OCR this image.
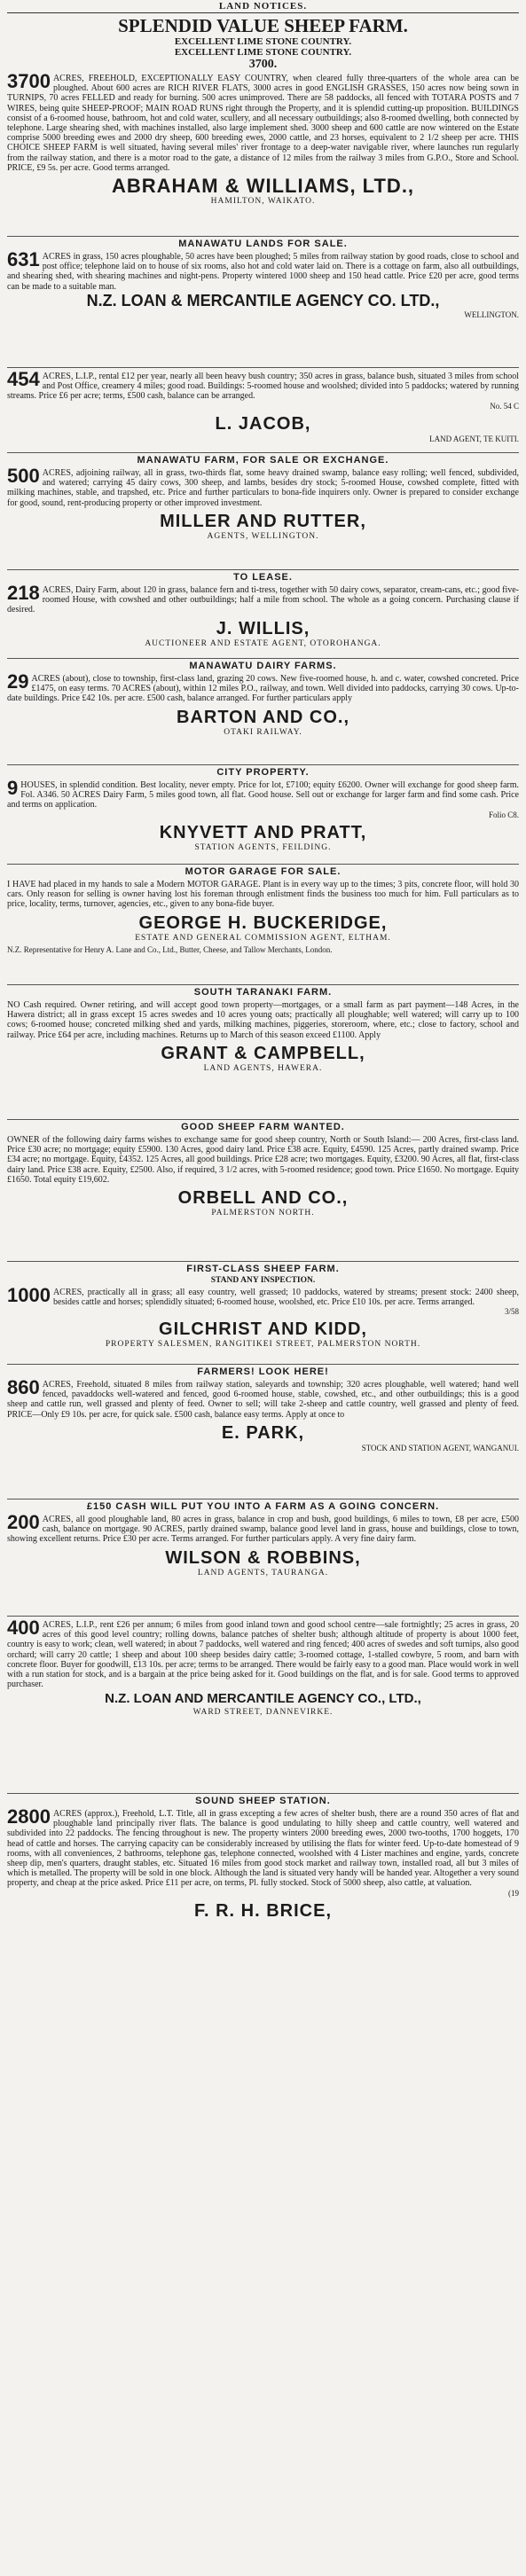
LAND NOTICES.
SPLENDID VALUE SHEEP FARM.
EXCELLENT LIME STONE COUNTRY.
EXCELLENT LIME STONE COUNTRY.
3700.
3700 ACRES, FREEHOLD, EXCEPTIONALLY EASY COUNTRY, when cleared fully three-quarters of the whole area can be ploughed. About 600 acres are RICH RIVER FLATS, 3000 acres in good ENGLISH GRASSES, 150 acres now being sown in TURNIPS, 70 acres FELLED and ready for burning. 500 acres unimproved. There are 58 paddocks, all fenced with TOTARA POSTS and 7 WIRES, being quite SHEEP-PROOF; MAIN ROAD RUNS right through the Property, and it is splendid cutting-up proposition. BUILDINGS consist of a 6-roomed house, bathroom, hot and cold water, scullery, and all necessary outbuildings; also 8-roomed dwelling, both connected by telephone. Large shearing shed, with machines installed, also large implement shed. 3000 sheep and 600 cattle are now wintered on the Estate comprise 5000 breeding ewes and 2000 dry sheep, 600 breeding ewes, 2000 cattle, and 23 horses, equivalent to 2 1/2 sheep per acre. THIS CHOICE SHEEP FARM is well situated, having several miles' river frontage to a deep-water navigable river, where launches run regularly from the railway station, and there is a motor road to the gate, a distance of 12 miles from the railway 3 miles from G.P.O., Store and School. PRICE, £9 5s. per acre. Good terms arranged.
ABRAHAM & WILLIAMS, LTD.,
HAMILTON, WAIKATO.
MANAWATU LANDS FOR SALE.
631 ACRES in grass, 150 acres ploughable, 50 acres have been ploughed; 5 miles from railway station by good roads, close to school and post office; telephone laid on to house of six rooms, also hot and cold water laid on. There is a cottage on farm, also all outbuildings, and shearing shed, with shearing machines and night-pens. Property wintered 1000 sheep and 150 head cattle. Price £20 per acre, good terms can be made to a suitable man.
N.Z. LOAN & MERCANTILE AGENCY CO. LTD.,
WELLINGTON.
454 ACRES, L.I.P., rental £12 per year, nearly all been heavy bush country; 350 acres in grass, balance bush, situated 3 miles from school and Post Office, creamery 4 miles; good road. Buildings: 5-roomed house and woolshed; divided into 5 paddocks; watered by running streams. Price £6 per acre; terms, £500 cash, balance can be arranged.
No. 54 C
L. JACOB,
LAND AGENT, TE KUITI.
MANAWATU FARM, FOR SALE OR EXCHANGE.
500 ACRES, adjoining railway, all in grass, two-thirds flat, some heavy drained swamp, balance easy rolling; well fenced, subdivided, and watered; carrying 45 dairy cows, 300 sheep, and lambs, besides dry stock; 5-roomed House, cowshed complete, fitted with milking machines, stable, and trapshed, etc. Price and further particulars to bona-fide inquirers only. Owner is prepared to consider exchange for good, sound, rent-producing property or other improved investment.
MILLER AND RUTTER,
AGENTS, WELLINGTON.
TO LEASE.
218 ACRES, Dairy Farm, about 120 in grass, balance fern and ti-tress, together with 50 dairy cows, separator, cream-cans, etc.; good five-roomed House, with cowshed and other outbuildings; half a mile from school. The whole as a going concern. Purchasing clause if desired.
J. WILLIS,
AUCTIONEER AND ESTATE AGENT, OTOROHANGA.
MANAWATU DAIRY FARMS.
29 ACRES (about), close to township, first-class land, grazing 20 cows. New five-roomed house, h. and c. water, cowshed concreted. Price £1475, on easy terms. 70 ACRES (about), within 12 miles P.O., railway, and town. Well divided into paddocks, carrying 30 cows. Up-to-date buildings. Price £42 10s. per acre. £500 cash, balance arranged. For further particulars apply
BARTON AND CO.,
OTAKI RAILWAY.
CITY PROPERTY.
9 HOUSES, in splendid condition. Best locality, never empty. Price for lot, £7100; equity £6200. Owner will exchange for good sheep farm. Fol. A346. 50 ACRES Dairy Farm, 5 miles good town, all flat. Good house. Sell out or exchange for larger farm and find some cash. Price and terms on application.
Folio C8.
KNYVETT AND PRATT,
STATION AGENTS, FEILDING.
MOTOR GARAGE FOR SALE.
I HAVE had placed in my hands to sale a Modern MOTOR GARAGE. Plant is in every way up to the times; 3 pits, concrete floor, will hold 30 cars. Only reason for selling is owner having lost his foreman through enlistment finds the business too much for him. Full particulars as to price, locality, terms, turnover, agencies, etc., given to any bona-fide buyer.
GEORGE H. BUCKERIDGE,
ESTATE AND GENERAL COMMISSION AGENT, ELTHAM.
N.Z. Representative for Henry A. Lane and Co., Ltd., Butter, Cheese, and Tallow Merchants, London.
SOUTH TARANAKI FARM.
NO Cash required. Owner retiring, and will accept good town property—mortgages, or a small farm as part payment—148 Acres, in the Hawera district; all in grass except 15 acres swedes and 10 acres young oats; practically all ploughable; well watered; will carry up to 100 cows; 6-roomed house; concreted milking shed and yards, milking machines, piggeries, storeroom, where, etc.; close to factory, school and railway. Price £64 per acre, including machines. Returns up to March of this season exceed £1100. Apply
GRANT & CAMPBELL,
LAND AGENTS, HAWERA.
GOOD SHEEP FARM WANTED.
OWNER of the following dairy farms wishes to exchange same for good sheep country, North or South Island:— 200 Acres, first-class land. Price £30 acre; no mortgage; equity £5900. 130 Acres, good dairy land. Price £38 acre. Equity, £4590. 125 Acres, partly drained swamp. Price £34 acre; no mortgage. Equity, £4352. 125 Acres, all good buildings. Price £28 acre; two mortgages. Equity, £3200. 90 Acres, all flat, first-class dairy land. Price £38 acre. Equity, £2500. Also, if required, 3 1/2 acres, with 5-roomed residence; good town. Price £1650. No mortgage. Equity £1650. Total equity £19,602.
ORBELL AND CO.,
PALMERSTON NORTH.
FIRST-CLASS SHEEP FARM.
STAND ANY INSPECTION.
1000 ACRES, practically all in grass; all easy country, well grassed; 10 paddocks, watered by streams; present stock: 2400 sheep, besides cattle and horses; splendidly situated; 6-roomed house, woolshed, etc. Price £10 10s. per acre. Terms arranged.
3/58
GILCHRIST AND KIDD,
PROPERTY SALESMEN, RANGITIKEI STREET, PALMERSTON NORTH.
FARMERS! LOOK HERE!
860 ACRES, Freehold, situated 8 miles from railway station, saleyards and township; 320 acres ploughable, well watered; hand well fenced, pavaddocks well-watered and fenced, good 6-roomed house, stable, cowshed, etc., and other outbuildings; this is a good sheep and cattle run, well grassed and plenty of feed. Owner to sell; will take 2-sheep and cattle country, well grassed and plenty of feed. PRICE—Only £9 10s. per acre, for quick sale. £500 cash, balance easy terms. Apply at once to
E. PARK,
STOCK AND STATION AGENT, WANGANUI.
£150 CASH WILL PUT YOU INTO A FARM AS A GOING CONCERN.
200 ACRES, all good ploughable land, 80 acres in grass, balance in crop and bush, good buildings, 6 miles to town, £8 per acre, £500 cash, balance on mortgage. 90 ACRES, partly drained swamp, balance good level land in grass, house and buildings, close to town, showing excellent returns. Price £30 per acre. Terms arranged. For further particulars apply. A very fine dairy farm.
WILSON & ROBBINS,
LAND AGENTS, TAURANGA.
400 ACRES, L.I.P., rent £26 per annum; 6 miles from good inland town and good school centre—sale fortnightly; 25 acres in grass, 20 acres of this good level country; rolling downs, balance patches of shelter bush; although altitude of property is about 1000 feet, country is easy to work; clean, well watered; in about 7 paddocks, well watered and ring fenced; 400 acres of swedes and soft turnips, also good orchard; will carry 20 cattle; 1 sheep and about 100 sheep besides dairy cattle; 3-roomed cottage, 1-stalled cowbyre, 5 room, and barn with concrete floor. Buyer for goodwill, £13 10s. per acre; terms to be arranged. There would be fairly easy to a good man. Place would work in well with a run station for stock, and is a bargain at the price being asked for it. Good buildings on the flat, and is for sale. Good terms to approved purchaser.
N.Z. LOAN AND MERCANTILE AGENCY CO., LTD.,
WARD STREET, DANNEVIRKE.
SOUND SHEEP STATION.
2800 ACRES (approx.), Freehold, L.T. Title, all in grass excepting a few acres of shelter bush, there are a round 350 acres of flat and ploughable land principally river flats. The balance is good undulating to hilly sheep and cattle country, well watered and subdivided into 22 paddocks. The fencing throughout is new. The property winters 2000 breeding ewes, 2000 two-tooths, 1700 hoggets, 170 head of cattle and horses. The carrying capacity can be considerably increased by utilising the flats for winter feed. Up-to-date homestead of 9 rooms, with all conveniences, 2 bathrooms, telephone gas, telephone connected, woolshed with 4 Lister machines and engine, yards, concrete sheep dip, men's quarters, draught stables, etc. Situated 16 miles from good stock market and railway town, installed road, all but 3 miles of which is metalled. The property will be sold in one block. Although the land is situated very handy will be handed year. Altogether a very sound property, and cheap at the price asked. Price £11 per acre, on terms, Pl. fully stocked. Stock of 5000 sheep, also cattle, at valuation.
(19
F. R. H. BRICE,
